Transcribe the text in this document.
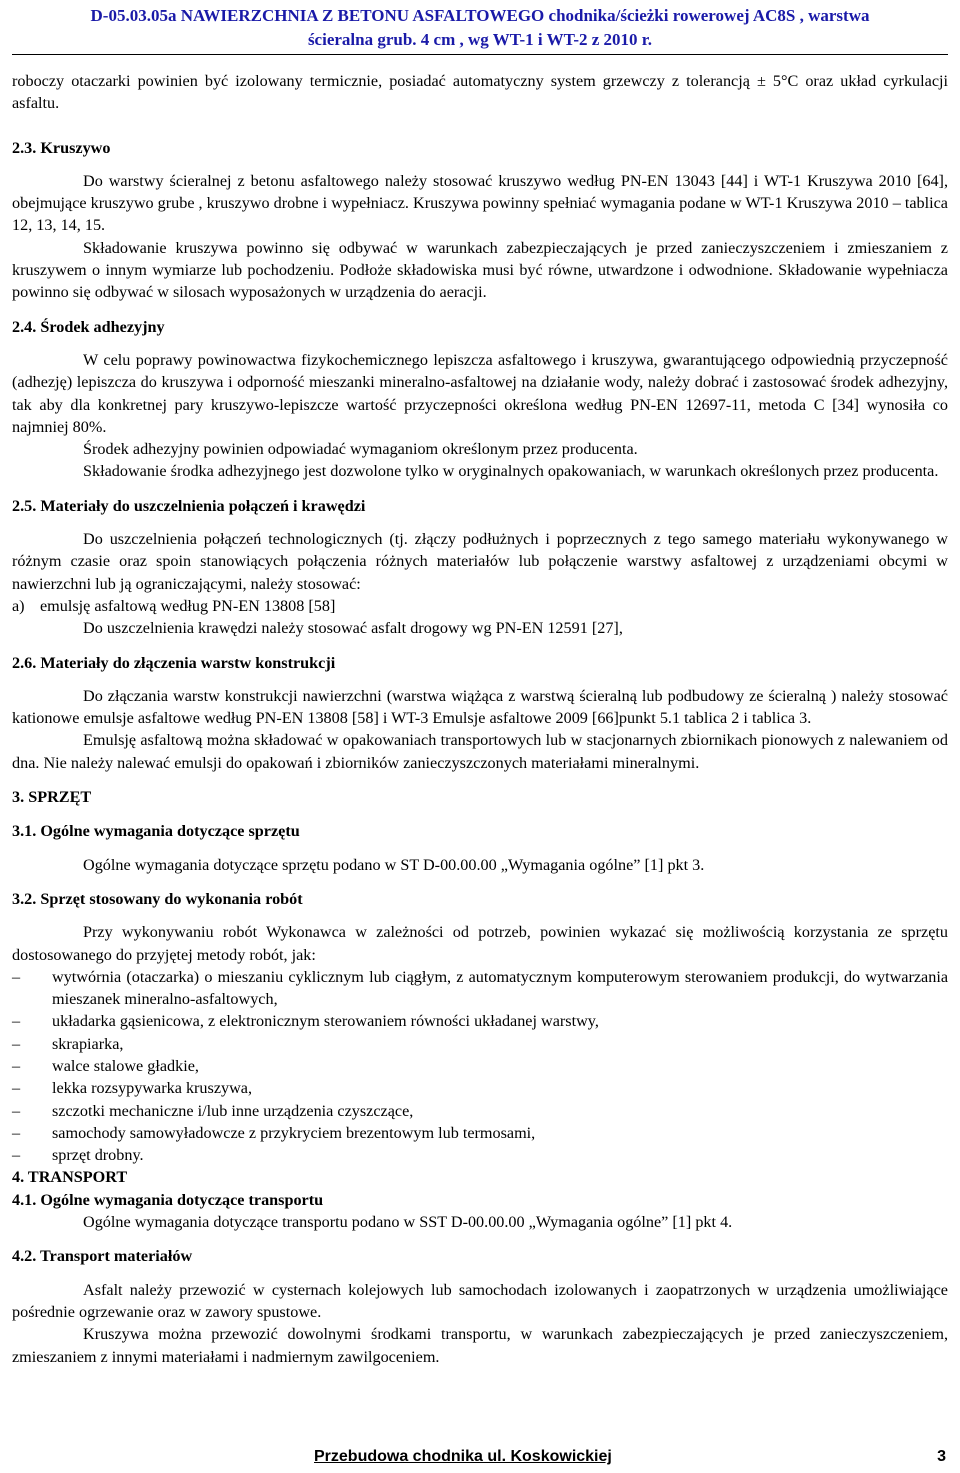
D-05.03.05a NAWIERZCHNIA Z BETONU ASFALTOWEGO chodnika/ścieżki rowerowej AC8S , warstwa
ścieralna grub. 4 cm , wg WT-1 i WT-2 z 2010 r.

roboczy otaczarki powinien być izolowany termicznie, posiadać automatyczny system grzewczy z tolerancją ± 5°C oraz układ cyrkulacji asfaltu.

2.3. Kruszywo

Do warstwy ścieralnej z betonu asfaltowego należy stosować kruszywo według PN-EN 13043 [44] i WT-1 Kruszywa 2010 [64], obejmujące kruszywo grube , kruszywo drobne i wypełniacz. Kruszywa powinny spełniać wymagania podane w WT-1 Kruszywa 2010 – tablica 12, 13, 14, 15.

Składowanie kruszywa powinno się odbywać w warunkach zabezpieczających je przed zanieczyszczeniem i zmieszaniem z kruszywem o innym wymiarze lub pochodzeniu. Podłoże składowiska musi być równe, utwardzone i odwodnione. Składowanie wypełniacza powinno się odbywać w silosach wyposażonych w urządzenia do aeracji.

2.4. Środek adhezyjny

W celu poprawy powinowactwa fizykochemicznego lepiszcza asfaltowego i kruszywa, gwarantującego odpowiednią przyczepność (adhezję) lepiszcza do kruszywa i odporność mieszanki mineralno-asfaltowej na działanie wody, należy dobrać i zastosować środek adhezyjny, tak aby dla konkretnej pary kruszywo-lepiszcze wartość przyczepności określona według PN-EN 12697-11, metoda C [34] wynosiła co najmniej 80%.

Środek adhezyjny powinien odpowiadać wymaganiom określonym przez producenta.

Składowanie środka adhezyjnego jest dozwolone tylko w oryginalnych opakowaniach, w warunkach określonych przez producenta.

2.5. Materiały do uszczelnienia połączeń i krawędzi

Do uszczelnienia połączeń technologicznych (tj. złączy podłużnych i poprzecznych z tego samego materiału wykonywanego w różnym czasie oraz spoin stanowiących połączenia różnych materiałów lub połączenie warstwy asfaltowej z urządzeniami obcymi w nawierzchni lub ją ograniczającymi, należy stosować:

a) emulsję asfaltową według PN-EN 13808 [58]

Do uszczelnienia krawędzi należy stosować asfalt drogowy wg PN-EN 12591 [27],

2.6. Materiały do złączenia warstw konstrukcji

Do złączania warstw konstrukcji nawierzchni (warstwa wiążąca z warstwą ścieralną lub podbudowy ze ścieralną ) należy stosować kationowe emulsje asfaltowe według PN-EN 13808 [58] i WT-3 Emulsje asfaltowe 2009 [66]punkt 5.1 tablica 2 i tablica 3.

Emulsję asfaltową można składować w opakowaniach transportowych lub w stacjonarnych zbiornikach pionowych z nalewaniem od dna. Nie należy nalewać emulsji do opakowań i zbiorników zanieczyszczonych materiałami mineralnymi.

3. SPRZĘT

3.1. Ogólne wymagania dotyczące sprzętu

Ogólne wymagania dotyczące sprzętu podano w ST D-00.00.00 „Wymagania ogólne” [1] pkt 3.

3.2. Sprzęt stosowany do wykonania robót

Przy wykonywaniu robót Wykonawca w zależności od potrzeb, powinien wykazać się możliwością korzystania ze sprzętu dostosowanego do przyjętej metody robót, jak:

–	wytwórnia (otaczarka) o mieszaniu cyklicznym lub ciągłym, z automatycznym komputerowym sterowaniem produkcji, do wytwarzania mieszanek mineralno-asfaltowych,
–	układarka gąsienicowa, z elektronicznym sterowaniem równości układanej warstwy,
–	skrapiarka,
–	walce stalowe gładkie,
–	lekka rozsypywarka kruszywa,
–	szczotki mechaniczne i/lub inne urządzenia czyszczące,
–	samochody samowyładowcze z przykryciem brezentowym lub termosami,
–	sprzęt drobny.

4. TRANSPORT

4.1. Ogólne wymagania dotyczące transportu

Ogólne wymagania dotyczące transportu podano w SST D-00.00.00 „Wymagania ogólne” [1] pkt 4.

4.2. Transport materiałów

Asfalt należy przewozić w cysternach kolejowych lub samochodach izolowanych i zaopatrzonych w urządzenia umożliwiające pośrednie ogrzewanie oraz w zawory spustowe.

Kruszywa można przewozić dowolnymi środkami transportu, w warunkach zabezpieczających je przed zanieczyszczeniem, zmieszaniem z innymi materiałami i nadmiernym zawilgoceniem.

Przebudowa chodnika ul. Koskowickiej	3
